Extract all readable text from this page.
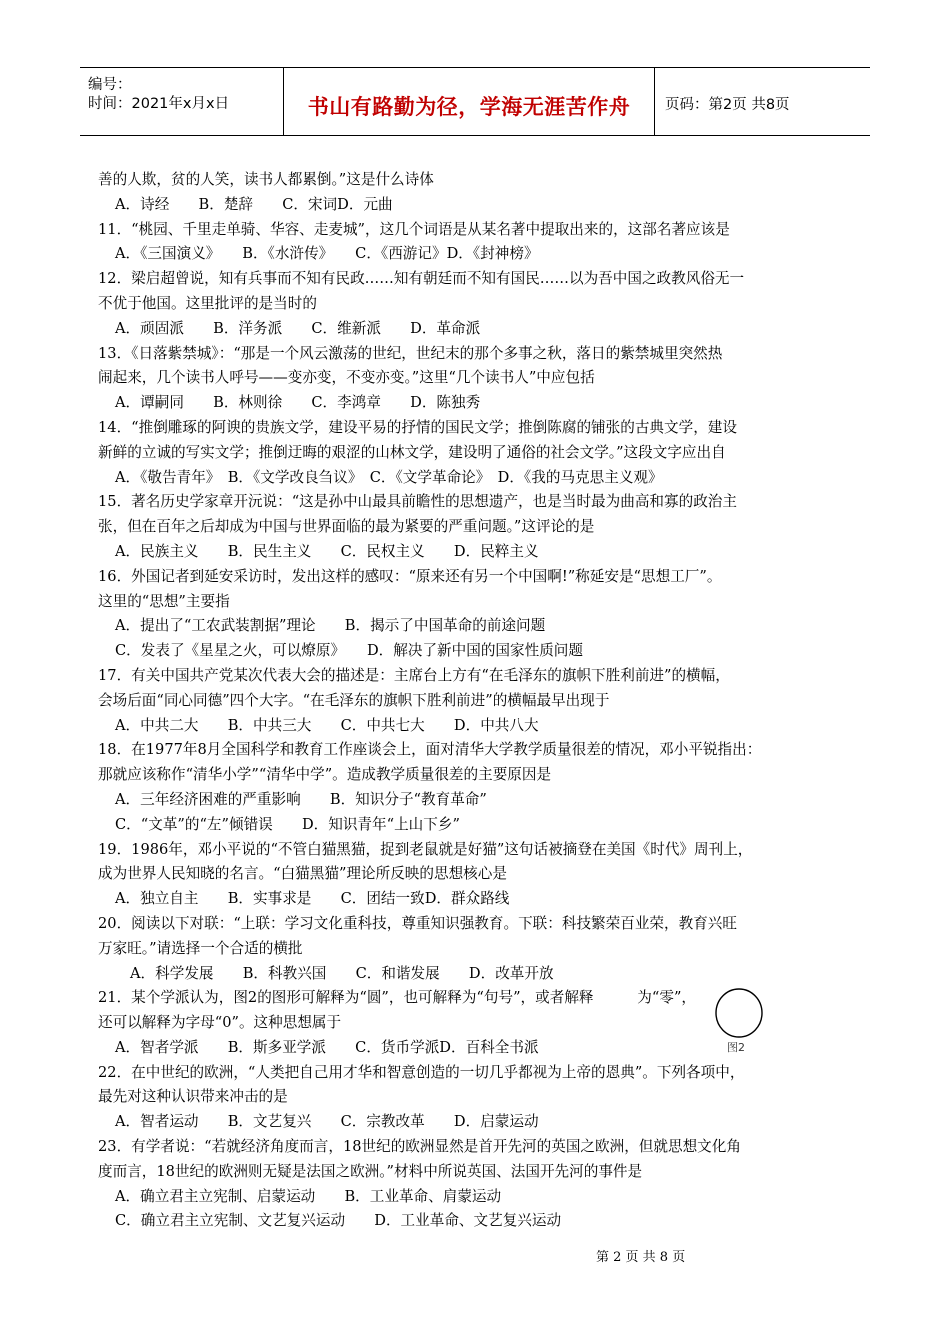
编号：
时间：2021年x月x日	书山有路勤为径，学海无涯苦作舟	页码：第2页 共8页
善的人欺，贫的人笑，读书人都累倒。”这是什么诗体
A．诗经　　B．楚辞　　C．宋词D．元曲
11．“桃园、千里走单骑、华容、走麦城”，这几个词语是从某名著中提取出来的，这部名著应该是
A．《三国演义》　　B．《水浒传》　　C．《西游记》D．《封神榜》
12．梁启超曾说，知有兵事而不知有民政……知有朝廷而不知有国民……以为吾中国之政教风俗无一
不优于他国。这里批评的是当时的
A．顽固派　　B．洋务派　　C．维新派　　D．革命派
13．《日落紫禁城》：“那是一个风云激荡的世纪，世纪末的那个多事之秋，落日的紫禁城里突然热
闹起来，几个读书人呼号——变亦变，不变亦变。”这里“几个读书人”中应包括
A．谭嗣同　　B．林则徐　　C．李鸿章　　D．陈独秀
14．“推倒雕琢的阿谀的贵族文学，建设平易的抒情的国民文学；推倒陈腐的铺张的古典文学，建设
新鲜的立诚的写实文学；推倒迂晦的艰涩的山林文学，建设明了通俗的社会文学。”这段文字应出自
A．《敬告青年》　B．《文学改良刍议》　C．《文学革命论》　D．《我的马克思主义观》
15．著名历史学家章开沅说：“这是孙中山最具前瞻性的思想遗产，也是当时最为曲高和寡的政治主
张，但在百年之后却成为中国与世界面临的最为紧要的严重问题。”这评论的是
A．民族主义　　B．民生主义　　C．民权主义　　D．民粹主义
16．外国记者到延安采访时，发出这样的感叹：“原来还有另一个中国啊!”称延安是“思想工厂”。
这里的“思想”主要指
A．提出了“工农武装割据”理论　　B．揭示了中国革命的前途问题
C．发表了《星星之火，可以燎原》　　D．解决了新中国的国家性质问题
17．有关中国共产党某次代表大会的描述是：主席台上方有“在毛泽东的旗帜下胜利前进”的横幅，
会场后面“同心同德”四个大字。“在毛泽东的旗帜下胜利前进”的横幅最早出现于
A．中共二大　　B．中共三大　　C．中共七大　　D．中共八大
18．在1977年8月全国科学和教育工作座谈会上，面对清华大学教学质量很差的情况，邓小平锐指出：
那就应该称作“清华小学”“清华中学”。造成教学质量很差的主要原因是
A．三年经济困难的严重影响　　B．知识分子“教育革命”
C．“文革”的“左”倾错误　　D．知识青年“上山下乡”
19．1986年，邓小平说的“不管白猫黑猫，捉到老鼠就是好猫”这句话被摘登在美国《时代》周刊上，
成为世界人民知晓的名言。“白猫黑猫”理论所反映的思想核心是
A．独立自主　　B．实事求是　　C．团结一致D．群众路线
20．阅读以下对联：“上联：学习文化重科技，尊重知识强教育。下联：科技繁荣百业荣，教育兴旺
万家旺。”请选择一个合适的横批
A．科学发展　　B．科教兴国　　C．和谐发展　　D．改革开放
21．某个学派认为，图2的图形可解释为“圆”，也可解释为“句号”，或者解释　　　为“零”，
还可以解释为字母“0”。这种思想属于
A．智者学派　　B．斯多亚学派　　C．货币学派D．百科全书派
22．在中世纪的欧洲，“人类把自己用才华和智意创造的一切几乎都视为上帝的恩典”。下列各项中，
最先对这种认识带来冲击的是
A．智者运动　　B．文艺复兴　　C．宗教改革　　D．启蒙运动
23．有学者说：“若就经济角度而言，18世纪的欧洲显然是首开先河的英国之欧洲，但就思想文化角
度而言，18世纪的欧洲则无疑是法国之欧洲。”材料中所说英国、法国开先河的事件是
A．确立君主立宪制、启蒙运动　　B．工业革命、肩蒙运动
C．确立君主立宪制、文艺复兴运动　　D．工业革命、文艺复兴运动
图2
第 2 页 共 8 页
